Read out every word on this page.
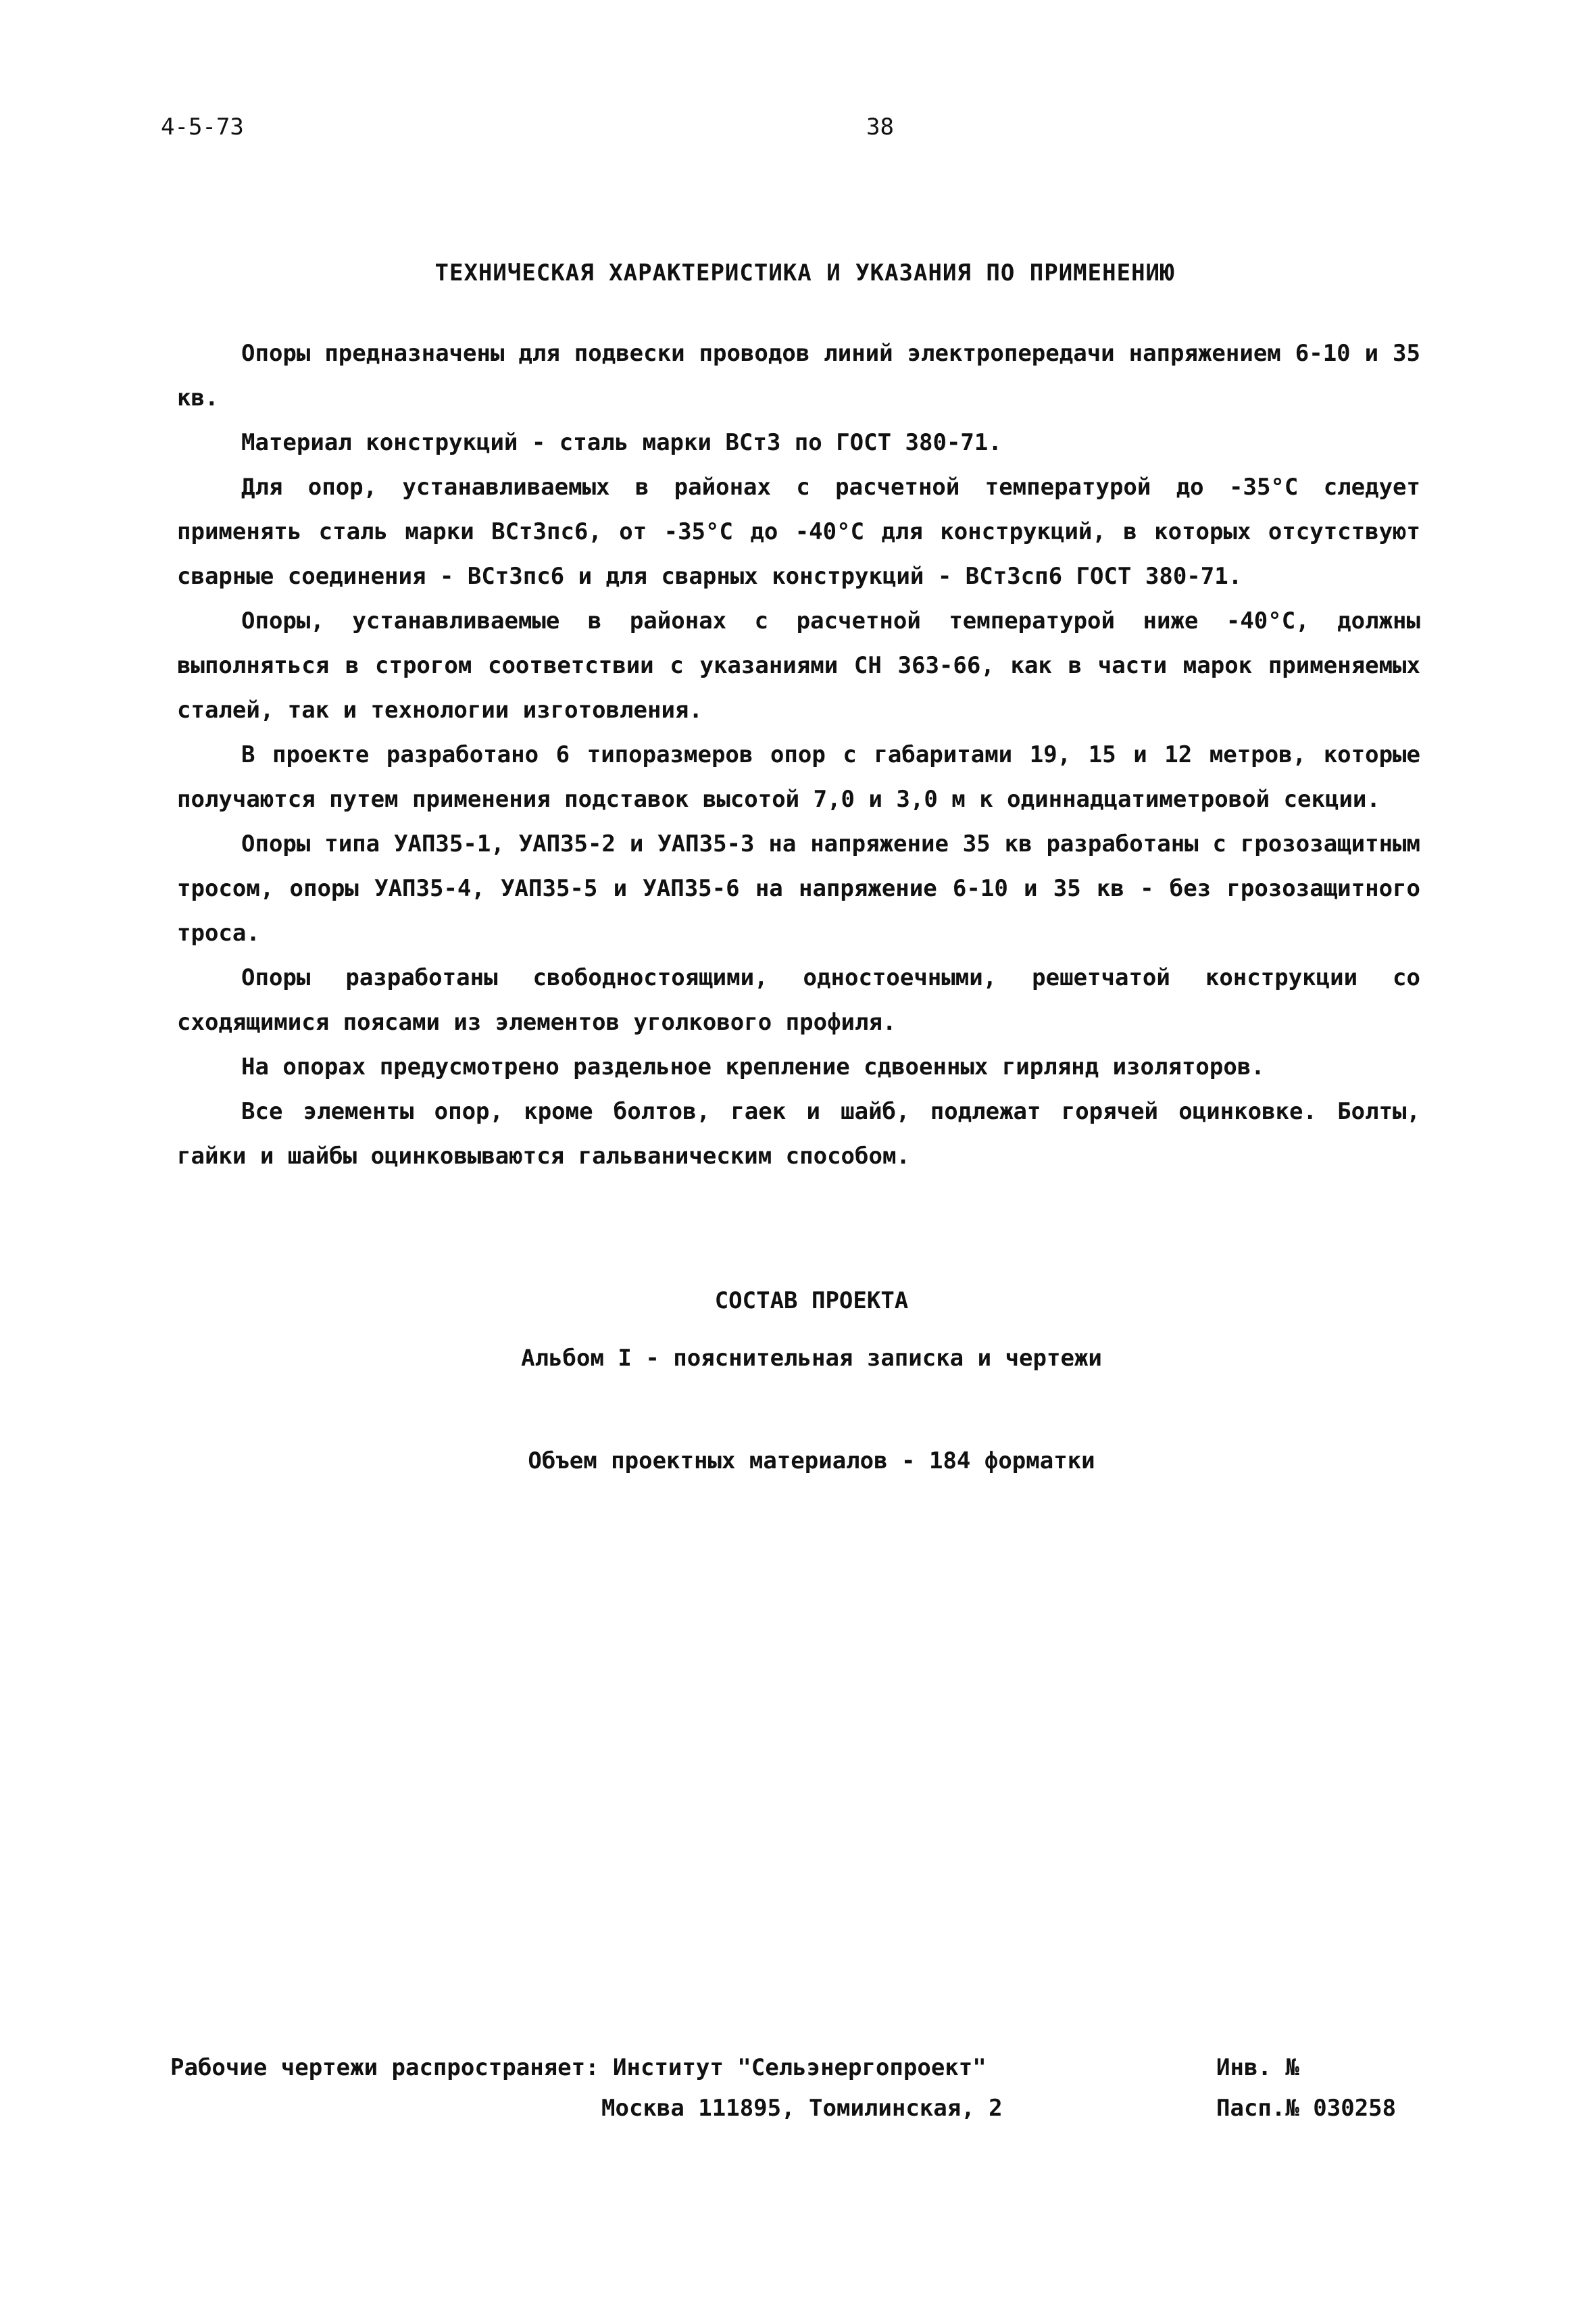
4-5-73	38
ТЕХНИЧЕСКАЯ ХАРАКТЕРИСТИКА И УКАЗАНИЯ ПО ПРИМЕНЕНИЮ

Опоры предназначены для подвески проводов линий электропередачи напряжением 6-10 и 35 кв.

Материал конструкций - сталь марки ВСт3 по ГОСТ 380-71.

Для опор, устанавливаемых в районах с расчетной температурой до -35°С следует применять сталь марки ВСт3пс6, от -35°С до -40°С для конструкций, в которых отсутствуют сварные соединения - ВСт3пс6 и для сварных конструкций - ВСт3сп6 ГОСТ 380-71.

Опоры, устанавливаемые в районах с расчетной температурой ниже -40°С, должны выполняться в строгом соответствии с указаниями СН 363-66, как в части марок применяемых сталей, так и технологии изготовления.

В проекте разработано 6 типоразмеров опор с габаритами 19, 15 и 12 метров, которые получаются путем применения подставок высотой 7,0 и 3,0 м к одиннадцатиметровой секции.

Опоры типа УАП35-1, УАП35-2 и УАП35-3 на напряжение 35 кв разработаны с грозозащитным тросом, опоры УАП35-4, УАП35-5 и УАП35-6 на напряжение 6-10 и 35 кв - без грозозащитного троса.

Опоры разработаны свободностоящими, одностоечными, решетчатой конструкции со сходящимися поясами из элементов уголкового профиля.

На опорах предусмотрено раздельное крепление сдвоенных гирлянд изоляторов.

Все элементы опор, кроме болтов, гаек и шайб, подлежат горячей оцинковке. Болты, гайки и шайбы оцинковываются гальваническим способом.

СОСТАВ ПРОЕКТА
Альбом I - пояснительная записка и чертежи
Объем проектных материалов - 184 форматки
Рабочие чертежи распространяет: Институт "Сельэнергопроект"
Москва 111895, Томилинская, 2
Инв. №
Пасп.№ 030258
